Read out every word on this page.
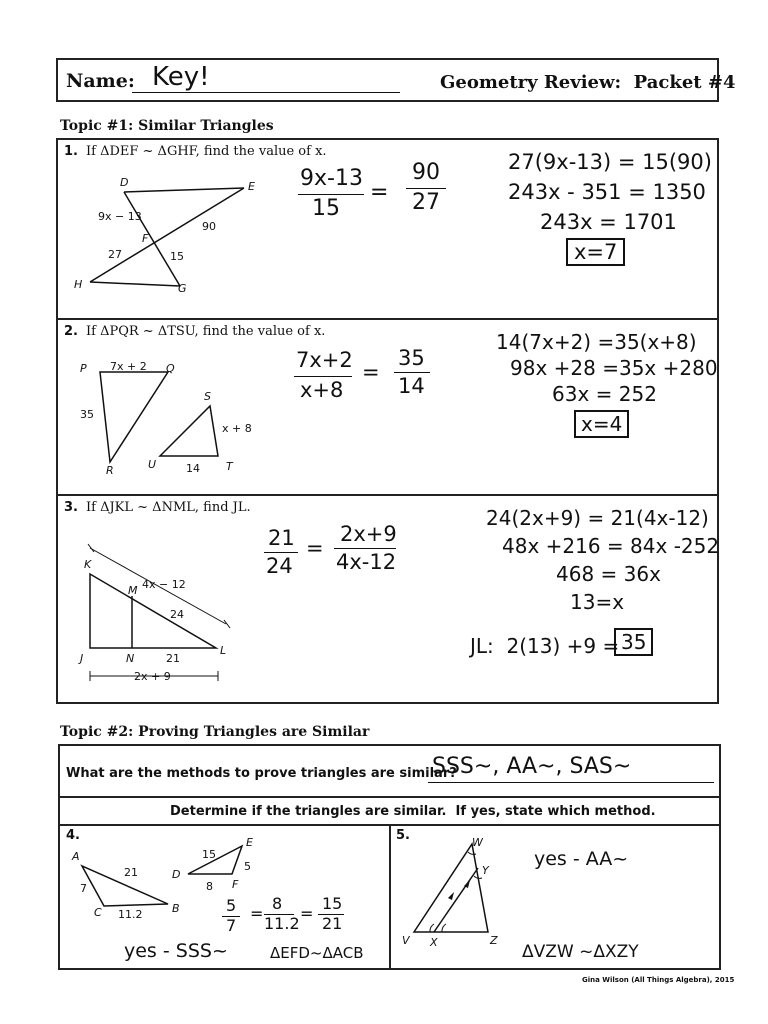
Name: Key!	Geometry Review:  Packet #4
Topic #1: Similar Triangles
1. If ΔDEF ~ ΔGHF, find the value of x.
D	E
F
H	G
9x − 13
90
27	15
9x-13
15
=
90
27
27(9x-13) = 15(90)
243x - 351 = 1350
243x = 1701
x=7
2. If ΔPQR ~ ΔTSU, find the value of x.
P	Q
R
S
U	T
7x + 2
35
x + 8
14
7x+2
x+8
=
35
14
14(7x+2) =35(x+8)
98x +28 =35x +280
63x = 252
x=4
3. If ΔJKL ~ ΔNML, find JL.
K
M
J	N
L
4x − 12
24
21
2x + 9
21
24
=
2x+9
4x-12
24(2x+9) = 21(4x-12)
48x +216 = 84x -252
468 = 36x
13=x
JL:  2(13) +9 = 35
Topic #2: Proving Triangles are Similar
What are the methods to prove triangles are similar?
SSS~, AA~, SAS~
Determine if the triangles are similar.  If yes, state which method.
4.
A
C	B
D
E
F
21
7
11.2
15
5
8
5
7
=
8
11.2
=
15
21
yes - SSS~	ΔEFD~ΔACB
5.	W
Y
V X	Z
yes - AA~
ΔVZW ~ΔXZY
Gina Wilson (All Things Algebra), 2015
